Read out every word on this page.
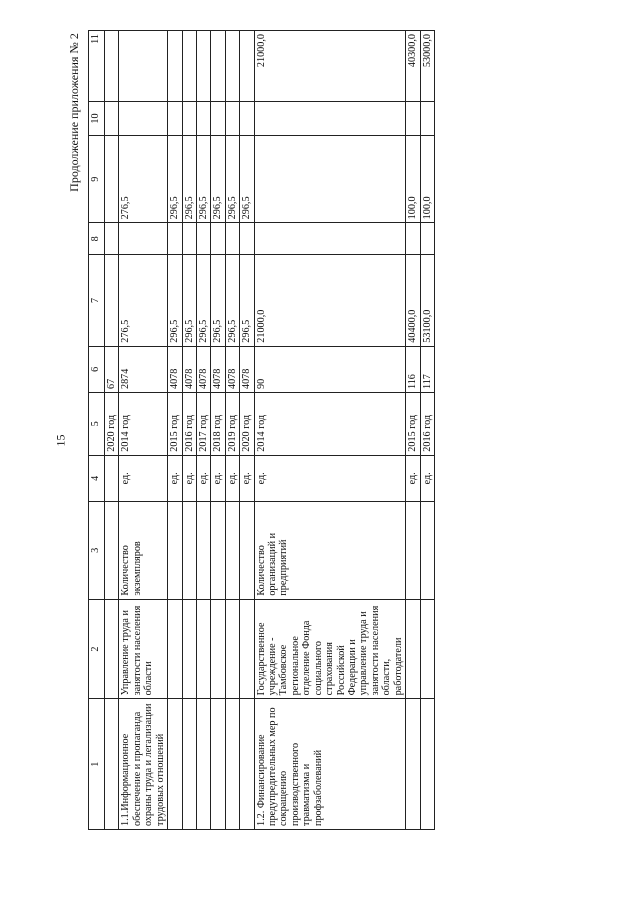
15
Продолжение приложения № 2
1	2	3	4	5	6	7	8	9	10	11
				2020 год	67					
1.1.Информационное обеспечение и пропаганда охраны труда и легализации трудовых отношений	Управление труда и занятости населения области	Количество экземпляров	ед.	2014 год	2874	276,5		276,5		
			ед.	2015 год	4078	296,5		296,5		
			ед.	2016 год	4078	296,5		296,5		
			ед.	2017 год	4078	296,5		296,5		
			ед.	2018 год	4078	296,5		296,5		
			ед.	2019 год	4078	296,5		296,5		
			ед.	2020 год	4078	296,5		296,5		
1.2. Финансирование предупредительных мер по сокращению производственного травматизма и профзаболеваний	Государственное учреждение - Тамбовское региональное отделение Фонда социального страхования Российской Федерации и управление труда и занятости населения области, работодатели	Количество организаций и предприятий	ед.	2014 год	90	21000,0				21000,0
			ед.	2015 год	116	40400,0		100,0		40300,0
			ед.	2016 год	117	53100,0		100,0		53000,0
